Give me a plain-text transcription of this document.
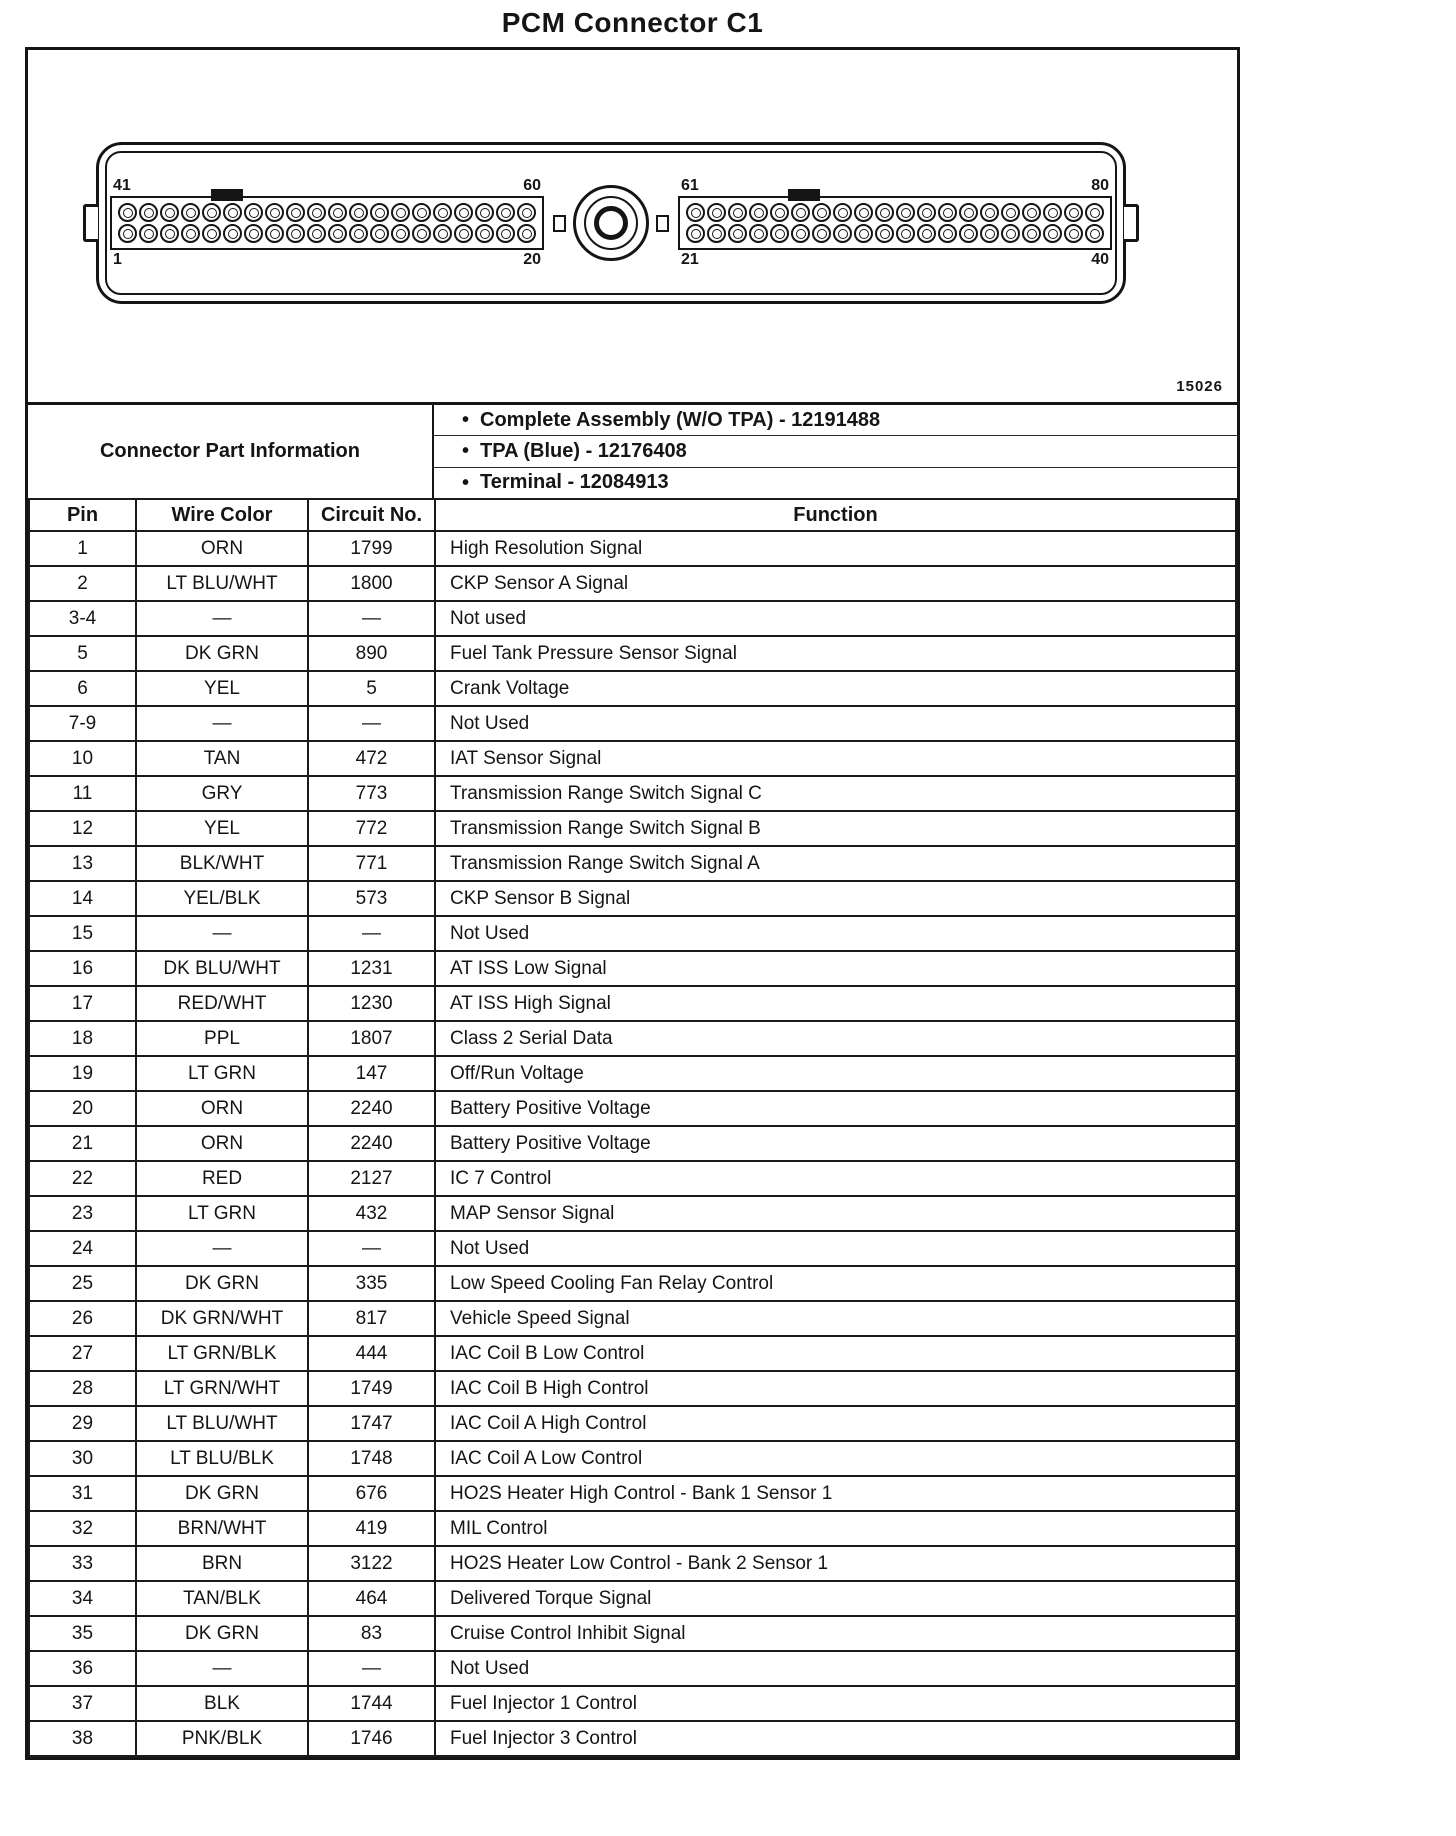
PCM Connector C1
41	60
1	20
61	80
21	40
15026
Connector Part Information
• Complete Assembly (W/O TPA) - 12191488
• TPA (Blue) - 12176408
• Terminal - 12084913
Pin	Wire Color	Circuit No.	Function
1	ORN	1799	High Resolution Signal
2	LT BLU/WHT	1800	CKP Sensor A Signal
3-4	—	—	Not used
5	DK GRN	890	Fuel Tank Pressure Sensor Signal
6	YEL	5	Crank Voltage
7-9	—	—	Not Used
10	TAN	472	IAT Sensor Signal
11	GRY	773	Transmission Range Switch Signal C
12	YEL	772	Transmission Range Switch Signal B
13	BLK/WHT	771	Transmission Range Switch Signal A
14	YEL/BLK	573	CKP Sensor B Signal
15	—	—	Not Used
16	DK BLU/WHT	1231	AT ISS Low Signal
17	RED/WHT	1230	AT ISS High Signal
18	PPL	1807	Class 2 Serial Data
19	LT GRN	147	Off/Run Voltage
20	ORN	2240	Battery Positive Voltage
21	ORN	2240	Battery Positive Voltage
22	RED	2127	IC 7 Control
23	LT GRN	432	MAP Sensor Signal
24	—	—	Not Used
25	DK GRN	335	Low Speed Cooling Fan Relay Control
26	DK GRN/WHT	817	Vehicle Speed Signal
27	LT GRN/BLK	444	IAC Coil B Low Control
28	LT GRN/WHT	1749	IAC Coil B High Control
29	LT BLU/WHT	1747	IAC Coil A High Control
30	LT BLU/BLK	1748	IAC Coil A Low Control
31	DK GRN	676	HO2S Heater High Control - Bank 1 Sensor 1
32	BRN/WHT	419	MIL Control
33	BRN	3122	HO2S Heater Low Control - Bank 2 Sensor 1
34	TAN/BLK	464	Delivered Torque Signal
35	DK GRN	83	Cruise Control Inhibit Signal
36	—	—	Not Used
37	BLK	1744	Fuel Injector 1 Control
38	PNK/BLK	1746	Fuel Injector 3 Control
